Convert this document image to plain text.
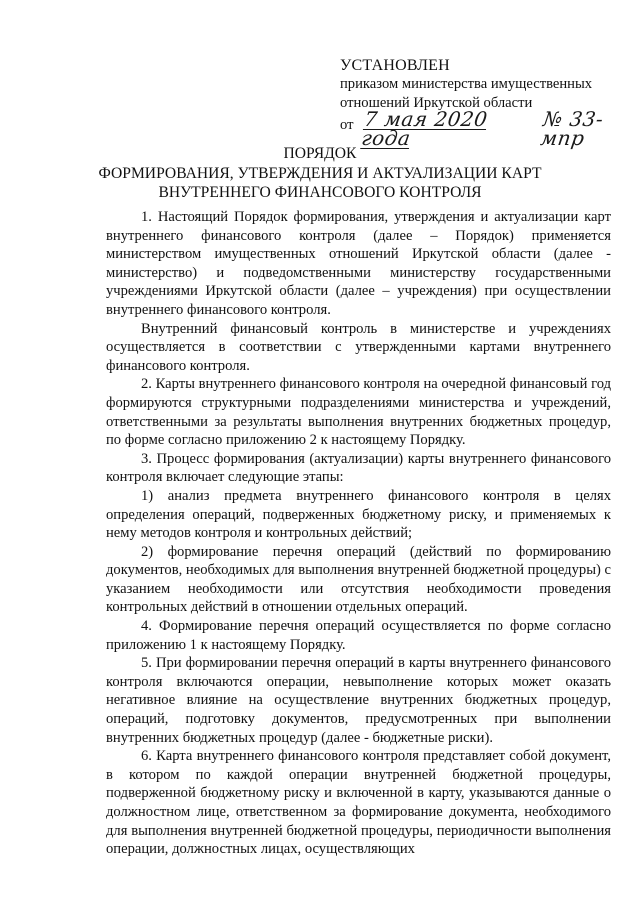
УСТАНОВЛЕН
приказом министерства имущественных
отношений Иркутской области
от 7 мая 2020 года
№ 33-мпр
ПОРЯДОК
ФОРМИРОВАНИЯ, УТВЕРЖДЕНИЯ И АКТУАЛИЗАЦИИ КАРТ
ВНУТРЕННЕГО ФИНАНСОВОГО КОНТРОЛЯ

1. Настоящий Порядок формирования, утверждения и актуализации карт внутреннего финансового контроля (далее – Порядок) применяется министерством имущественных отношений Иркутской области (далее - министерство) и подведомственными министерству государственными учреждениями Иркутской области (далее – учреждения) при осуществлении внутреннего финансового контроля.

Внутренний финансовый контроль в министерстве и учреждениях осуществляется в соответствии с утвержденными картами внутреннего финансового контроля.

2. Карты внутреннего финансового контроля на очередной финансовый год формируются структурными подразделениями министерства и учреждений, ответственными за результаты выполнения внутренних бюджетных процедур, по форме согласно приложению 2 к настоящему Порядку.

3. Процесс формирования (актуализации) карты внутреннего финансового контроля включает следующие этапы:

1) анализ предмета внутреннего финансового контроля в целях определения операций, подверженных бюджетному риску, и применяемых к нему методов контроля и контрольных действий;

2) формирование перечня операций (действий по формированию документов, необходимых для выполнения внутренней бюджетной процедуры) с указанием необходимости или отсутствия необходимости проведения контрольных действий в отношении отдельных операций.

4. Формирование перечня операций осуществляется по форме согласно приложению 1 к настоящему Порядку.

5. При формировании перечня операций в карты внутреннего финансового контроля включаются операции, невыполнение которых может оказать негативное влияние на осуществление внутренних бюджетных процедур, операций, подготовку документов, предусмотренных при выполнении внутренних бюджетных процедур (далее - бюджетные риски).

6. Карта внутреннего финансового контроля представляет собой документ, в котором по каждой операции внутренней бюджетной процедуры, подверженной бюджетному риску и включенной в карту, указываются данные о должностном лице, ответственном за формирование документа, необходимого для выполнения внутренней бюджетной процедуры, периодичности выполнения операции, должностных лицах, осуществляющих
